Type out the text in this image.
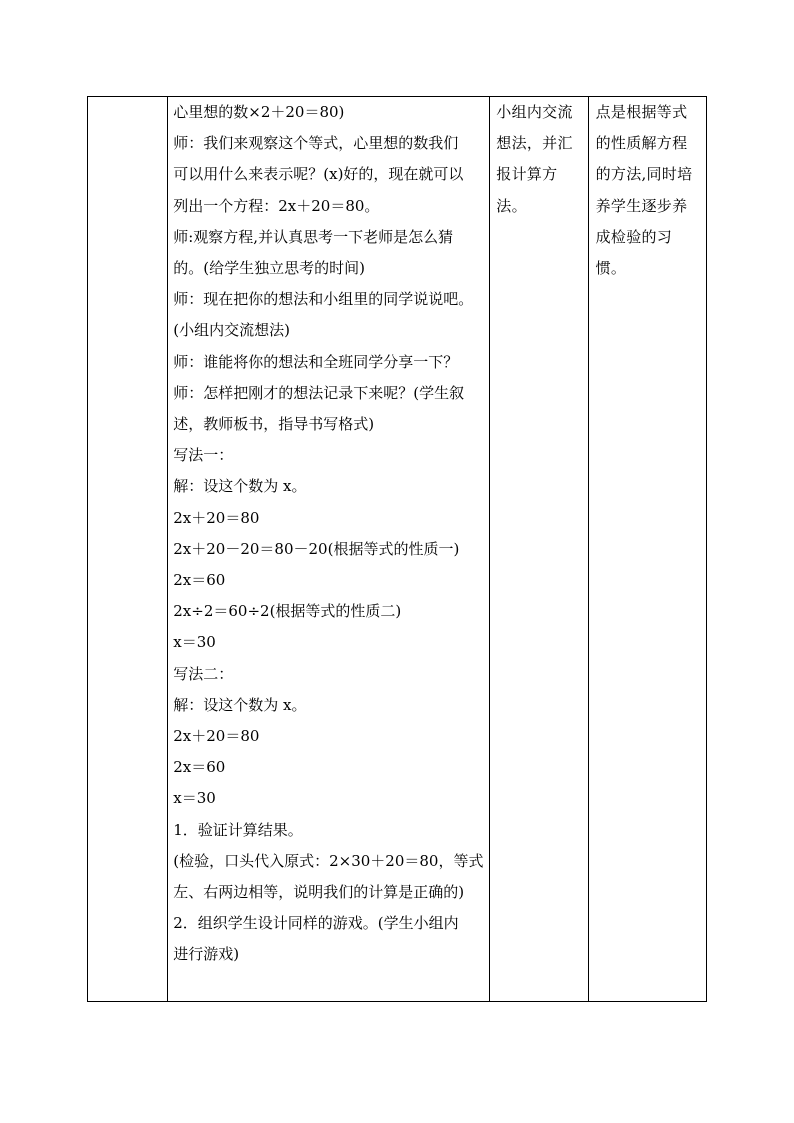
心里想的数×2＋20＝80)
师：我们来观察这个等式，心里想的数我们
可以用什么来表示呢？(x)好的，现在就可以
列出一个方程：2x＋20＝80。
师:观察方程,并认真思考一下老师是怎么猜
的。(给学生独立思考的时间)
师：现在把你的想法和小组里的同学说说吧。
(小组内交流想法)
师：谁能将你的想法和全班同学分享一下？
师：怎样把刚才的想法记录下来呢？(学生叙
述，教师板书，指导书写格式)
写法一：
解：设这个数为 x。
2x＋20＝80
2x＋20－20＝80－20(根据等式的性质一)
2x＝60
2x÷2＝60÷2(根据等式的性质二)
x＝30
写法二：
解：设这个数为 x。
2x＋20＝80
2x＝60
x＝30
1．验证计算结果。
(检验，口头代入原式：2×30＋20＝80，等式
左、右两边相等，说明我们的计算是正确的)
2．组织学生设计同样的游戏。(学生小组内
进行游戏)

小组内交流
想法，并汇
报计算方法。

点是根据等式
的性质解方程
的方法,同时培
养学生逐步养
成检验的习惯。
